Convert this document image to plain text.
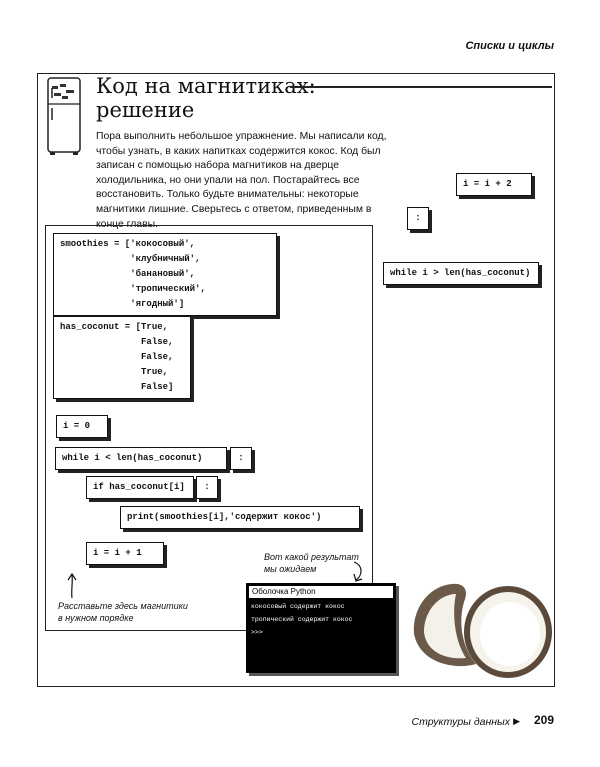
Списки и циклы
Код на магнитиках:
решение
Пора выполнить небольшое упражнение. Мы написали код, чтобы узнать, в каких напитках содержится кокос. Код был записан с помощью набора магнитиков на дверце холодильника, но они упали на пол. Постарайтесь все восстановить. Только будьте внимательны: некоторые магнитики лишние. Сверьтесь с ответом, приведенным в конце главы.
i = i + 2
:
while i > len(has_coconut)
smoothies = ['кокосовый',
'клубничный',
'банановый',
'тропический',
'ягодный']
has_coconut = [True,
False,
False,
True,
False]
i = 0
while i < len(has_coconut)	:
if has_coconut[i]	:
print(smoothies[i],'содержит кокос')
i = i + 1
Расставьте здесь магнитики
в нужном порядке
Вот какой результат
мы ожидаем
Оболочка Python
кокосовый содержит кокос
тропический содержит кокос
>>>
Структуры данных ▶ 209
